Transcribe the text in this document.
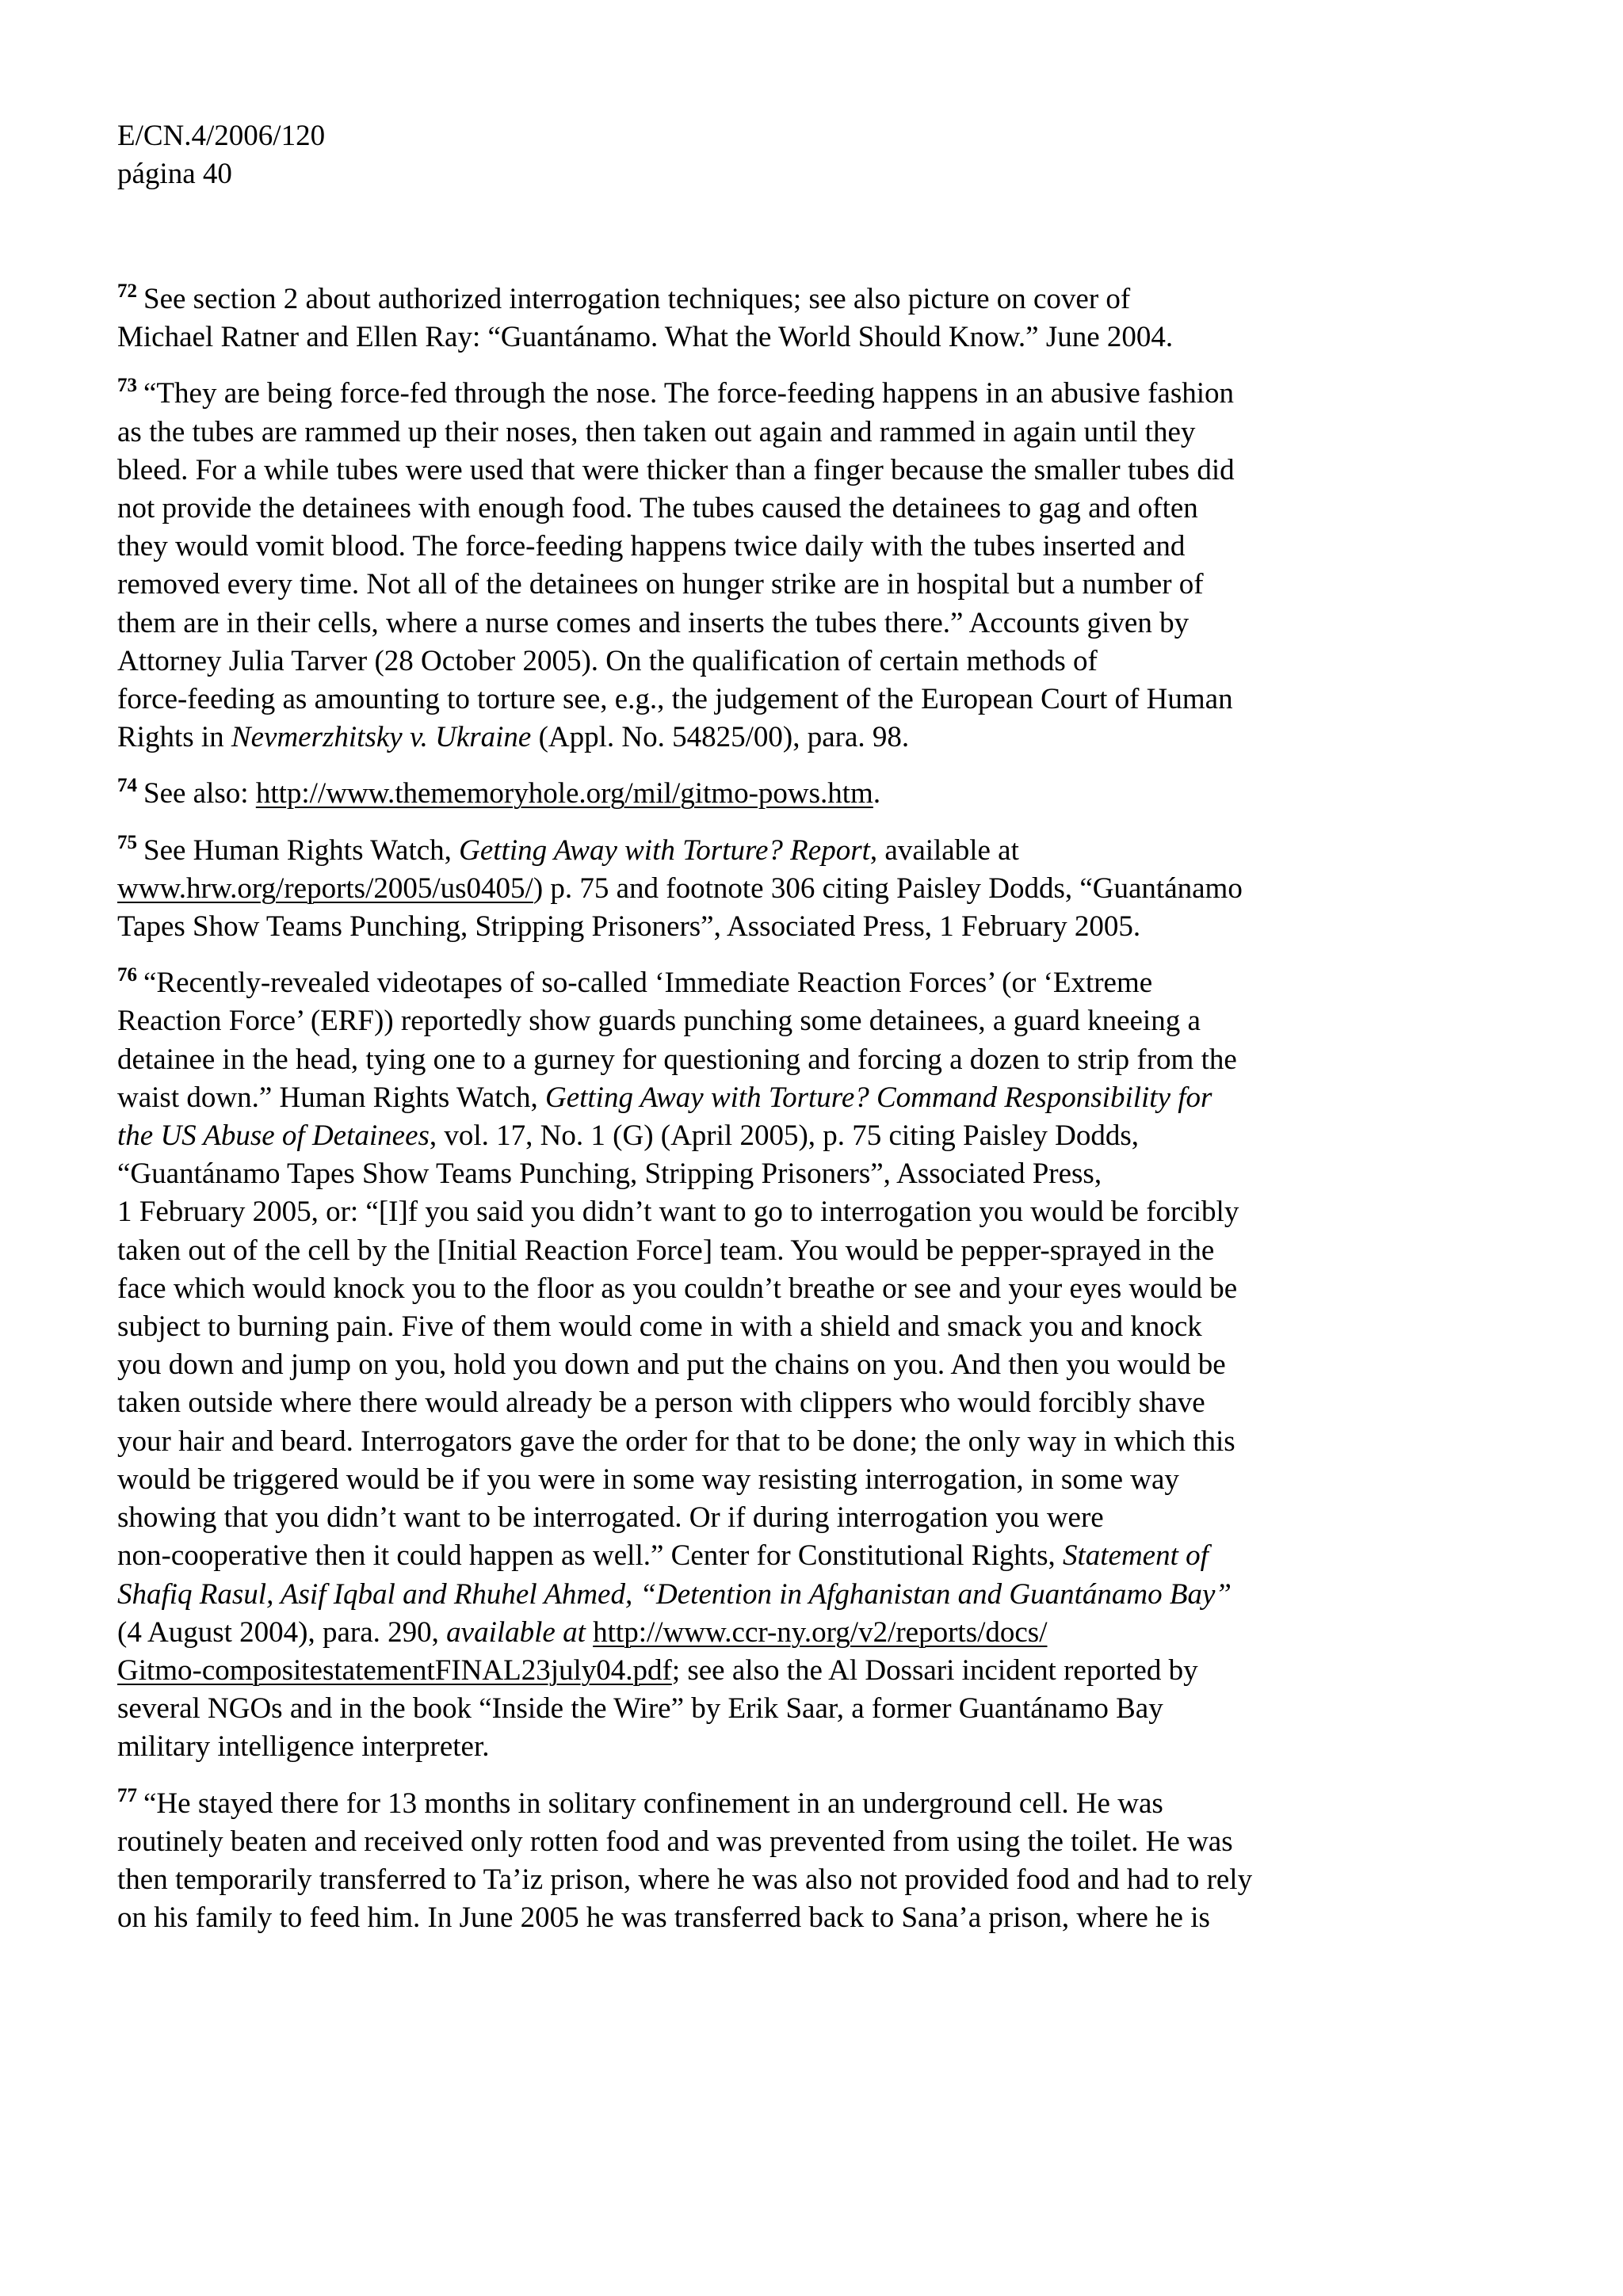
E/CN.4/2006/120
página 40

$^{72}$ See section 2 about authorized interrogation techniques; see also picture on cover of
Michael Ratner and Ellen Ray: “Guantánamo. What the World Should Know.” June 2004.

$^{73}$ “They are being force-fed through the nose. The force-feeding happens in an abusive fashion
as the tubes are rammed up their noses, then taken out again and rammed in again until they
bleed. For a while tubes were used that were thicker than a finger because the smaller tubes did
not provide the detainees with enough food. The tubes caused the detainees to gag and often
they would vomit blood. The force-feeding happens twice daily with the tubes inserted and
removed every time. Not all of the detainees on hunger strike are in hospital but a number of
them are in their cells, where a nurse comes and inserts the tubes there.” Accounts given by
Attorney Julia Tarver (28 October 2005). On the qualification of certain methods of
force-feeding as amounting to torture see, e.g., the judgement of the European Court of Human
Rights in Nevmerzhitsky v. Ukraine (Appl. No. 54825/00), para. 98.

$^{74}$ See also: http://www.thememoryhole.org/mil/gitmo-pows.htm.

$^{75}$ See Human Rights Watch, Getting Away with Torture? Report, available at
www.hrw.org/reports/2005/us0405/) p. 75 and footnote 306 citing Paisley Dodds, “Guantánamo
Tapes Show Teams Punching, Stripping Prisoners”, Associated Press, 1 February 2005.

$^{76}$ “Recently-revealed videotapes of so-called ‘Immediate Reaction Forces’ (or ‘Extreme
Reaction Force’ (ERF)) reportedly show guards punching some detainees, a guard kneeing a
detainee in the head, tying one to a gurney for questioning and forcing a dozen to strip from the
waist down.” Human Rights Watch, Getting Away with Torture? Command Responsibility for
the US Abuse of Detainees, vol. 17, No. 1 (G) (April 2005), p. 75 citing Paisley Dodds,
“Guantánamo Tapes Show Teams Punching, Stripping Prisoners”, Associated Press,
1 February 2005, or: “[I]f you said you didn’t want to go to interrogation you would be forcibly
taken out of the cell by the [Initial Reaction Force] team. You would be pepper-sprayed in the
face which would knock you to the floor as you couldn’t breathe or see and your eyes would be
subject to burning pain. Five of them would come in with a shield and smack you and knock
you down and jump on you, hold you down and put the chains on you. And then you would be
taken outside where there would already be a person with clippers who would forcibly shave
your hair and beard. Interrogators gave the order for that to be done; the only way in which this
would be triggered would be if you were in some way resisting interrogation, in some way
showing that you didn’t want to be interrogated. Or if during interrogation you were
non-cooperative then it could happen as well.” Center for Constitutional Rights, Statement of
Shafiq Rasul, Asif Iqbal and Rhuhel Ahmed, “Detention in Afghanistan and Guantánamo Bay”
(4 August 2004), para. 290, available at http://www.ccr-ny.org/v2/reports/docs/
Gitmo-compositestatementFINAL23july04.pdf; see also the Al Dossari incident reported by
several NGOs and in the book “Inside the Wire” by Erik Saar, a former Guantánamo Bay
military intelligence interpreter.

$^{77}$ “He stayed there for 13 months in solitary confinement in an underground cell. He was
routinely beaten and received only rotten food and was prevented from using the toilet. He was
then temporarily transferred to Ta’iz prison, where he was also not provided food and had to rely
on his family to feed him. In June 2005 he was transferred back to Sana’a prison, where he is
